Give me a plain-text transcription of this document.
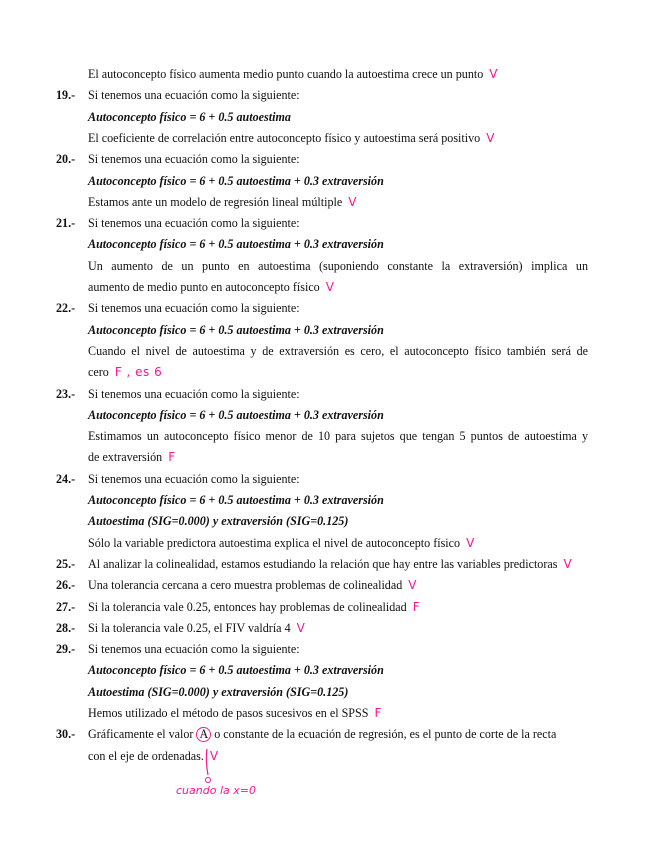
El autoconcepto físico aumenta medio punto cuando la autoestima crece un punto V
19.- Si tenemos una ecuación como la siguiente:
Autoconcepto físico = 6 + 0.5 autoestima
El coeficiente de correlación entre autoconcepto físico y autoestima será positivo V
20.- Si tenemos una ecuación como la siguiente:
Autoconcepto físico = 6 + 0.5 autoestima + 0.3 extraversión
Estamos ante un modelo de regresión lineal múltiple V
21.- Si tenemos una ecuación como la siguiente:
Autoconcepto físico = 6 + 0.5 autoestima + 0.3 extraversión
Un aumento de un punto en autoestima (suponiendo constante la extraversión) implica un
aumento de medio punto en autoconcepto físico V
22.- Si tenemos una ecuación como la siguiente:
Autoconcepto físico = 6 + 0.5 autoestima + 0.3 extraversión
Cuando el nivel de autoestima y de extraversión es cero, el autoconcepto físico también será de
cero F , es 6
23.- Si tenemos una ecuación como la siguiente:
Autoconcepto físico = 6 + 0.5 autoestima + 0.3 extraversión
Estimamos un autoconcepto físico menor de 10 para sujetos que tengan 5 puntos de autoestima y
de extraversión F
24.- Si tenemos una ecuación como la siguiente:
Autoconcepto físico = 6 + 0.5 autoestima + 0.3 extraversión
Autoestima (SIG=0.000) y extraversión (SIG=0.125)
Sólo la variable predictora autoestima explica el nivel de autoconcepto físico V
25.- Al analizar la colinealidad, estamos estudiando la relación que hay entre las variables predictoras V
26.- Una tolerancia cercana a cero muestra problemas de colinealidad V
27.- Si la tolerancia vale 0.25, entonces hay problemas de colinealidad F
28.- Si la tolerancia vale 0.25, el FIV valdría 4 V
29.- Si tenemos una ecuación como la siguiente:
Autoconcepto físico = 6 + 0.5 autoestima + 0.3 extraversión
Autoestima (SIG=0.000) y extraversión (SIG=0.125)
Hemos utilizado el método de pasos sucesivos en el SPSS F
30.- Gráficamente el valor A o constante de la ecuación de regresión, es el punto de corte de la recta
con el eje de ordenadas. V
cuando la x=0
